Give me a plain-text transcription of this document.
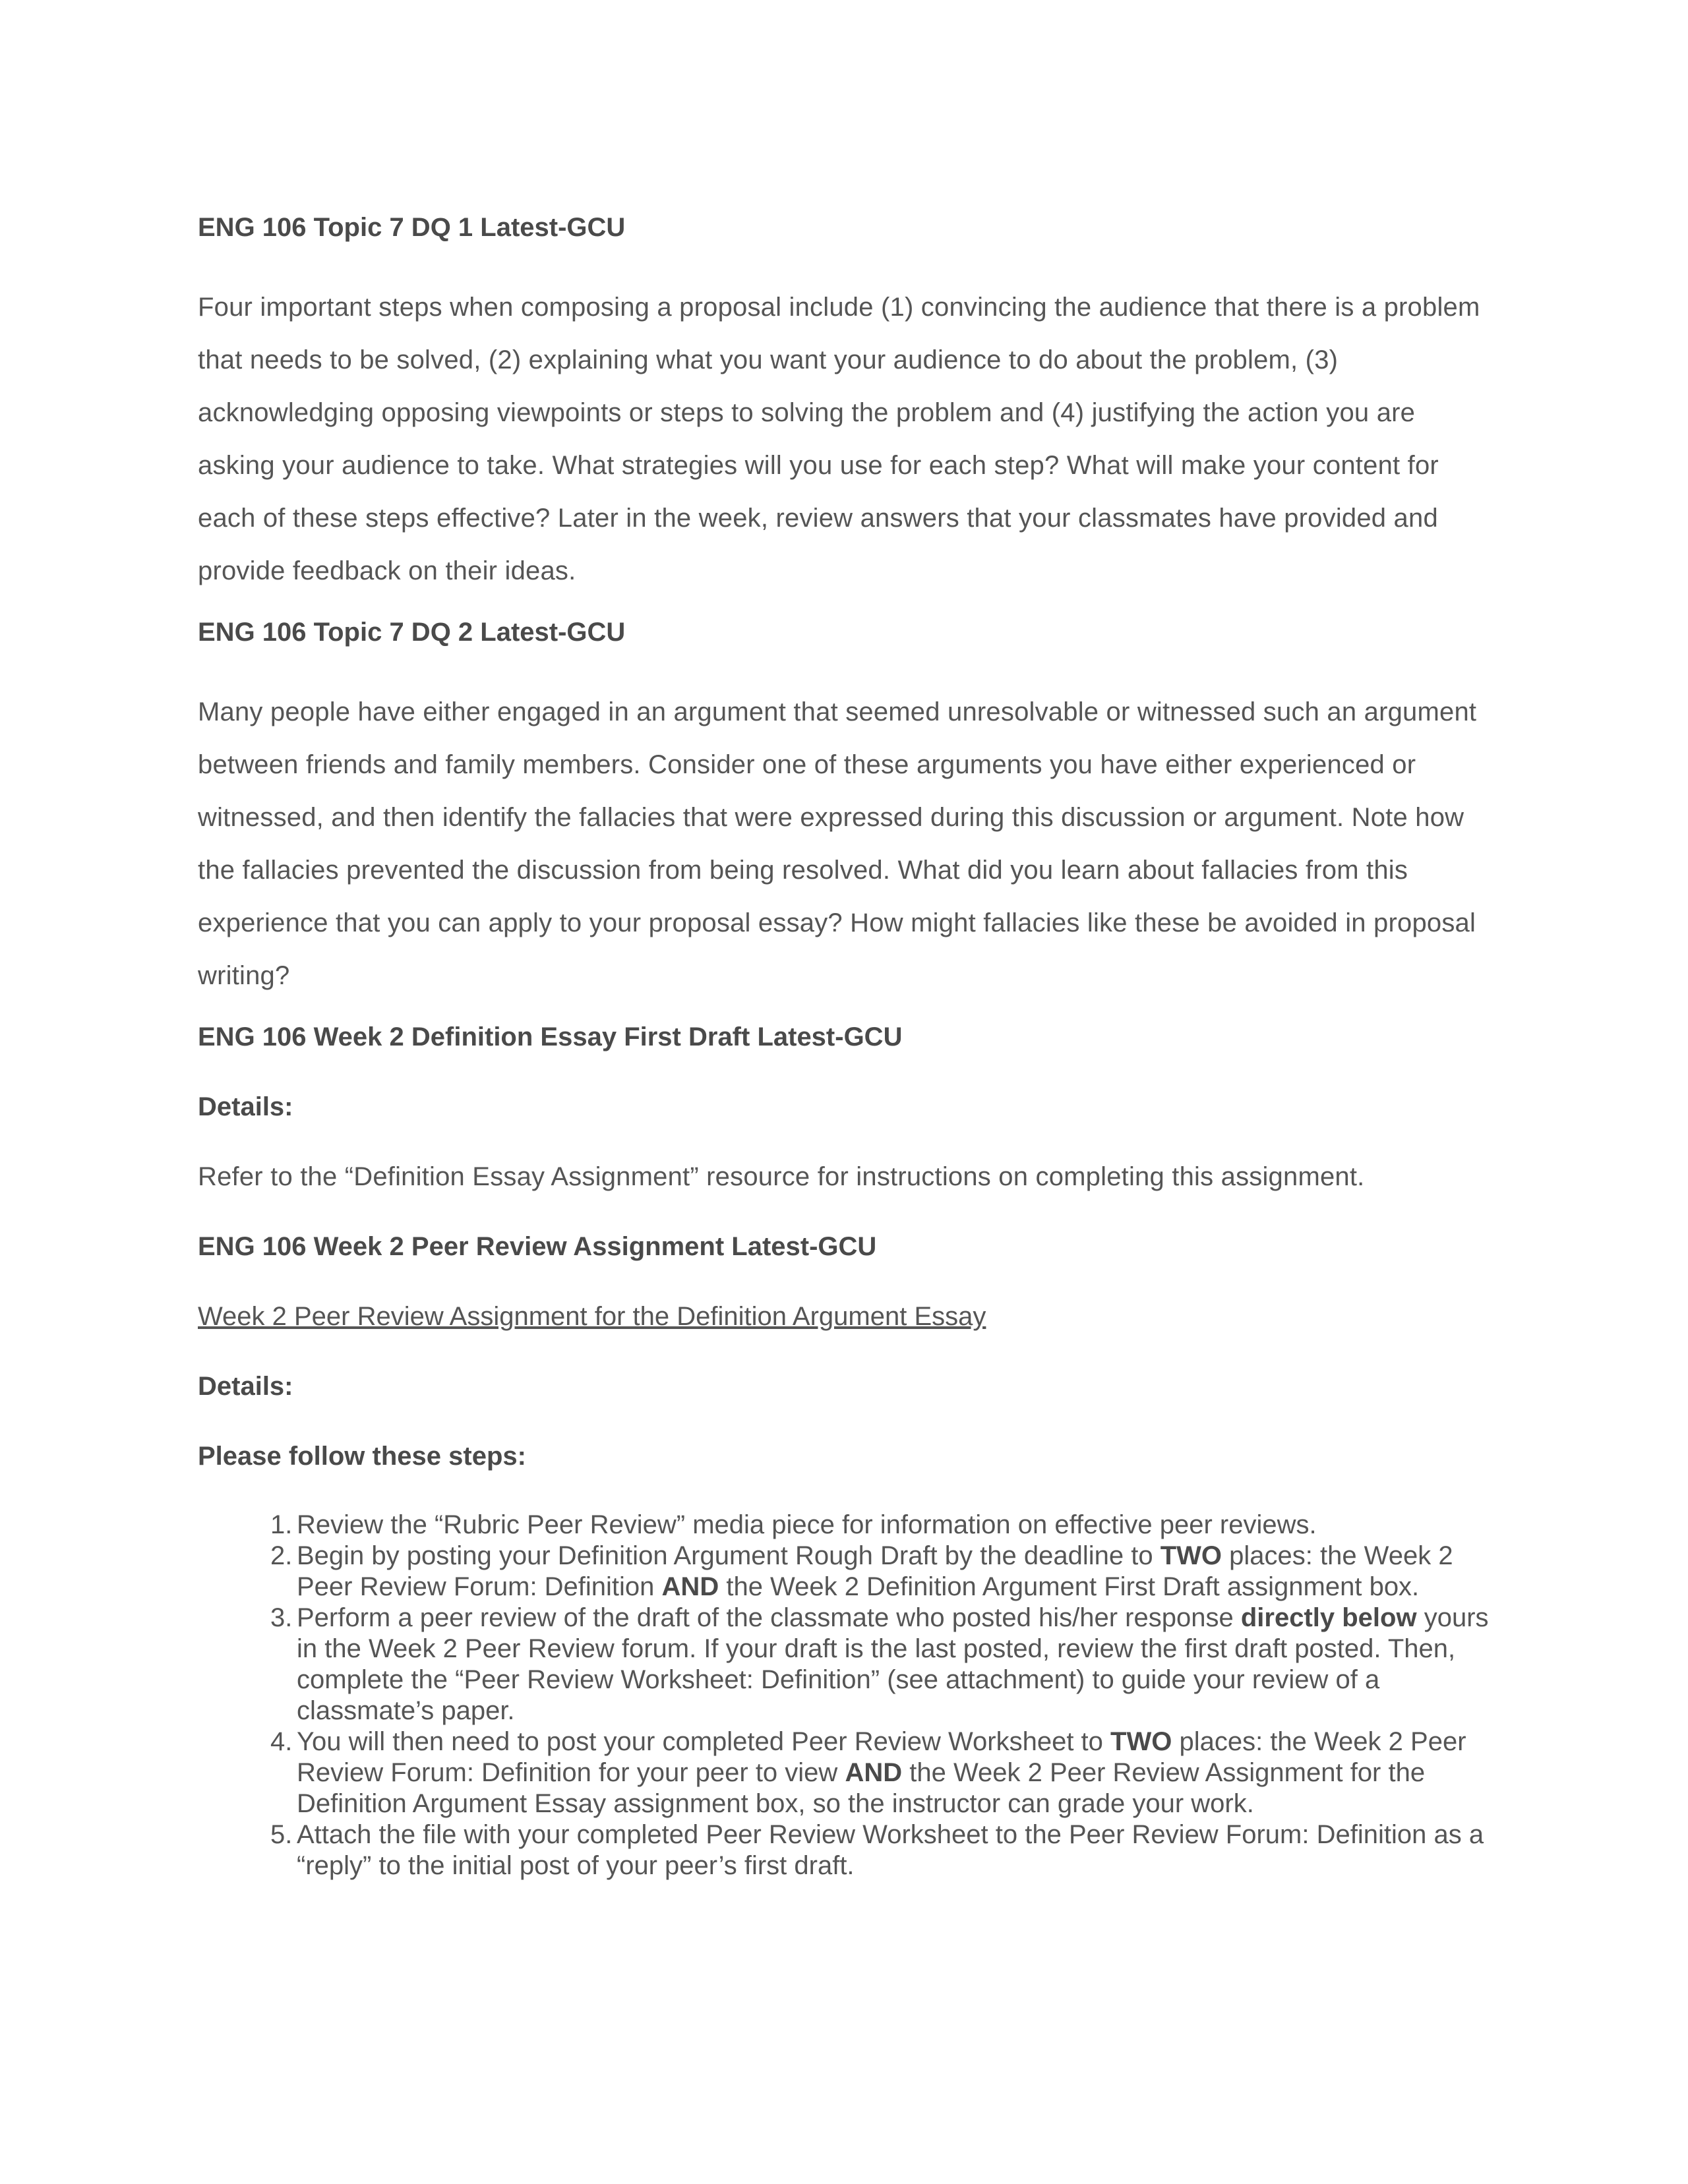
ENG 106 Topic 7 DQ 1 Latest-GCU

Four important steps when composing a proposal include (1) convincing the audience that there is a problem that needs to be solved, (2) explaining what you want your audience to do about the problem, (3) acknowledging opposing viewpoints or steps to solving the problem and (4) justifying the action you are asking your audience to take. What strategies will you use for each step? What will make your content for each of these steps effective? Later in the week, review answers that your classmates have provided and provide feedback on their ideas.

ENG 106 Topic 7 DQ 2 Latest-GCU

Many people have either engaged in an argument that seemed unresolvable or witnessed such an argument between friends and family members. Consider one of these arguments you have either experienced or witnessed, and then identify the fallacies that were expressed during this discussion or argument. Note how the fallacies prevented the discussion from being resolved. What did you learn about fallacies from this experience that you can apply to your proposal essay? How might fallacies like these be avoided in proposal writing?

ENG 106 Week 2 Definition Essay First Draft Latest-GCU
Details:

Refer to the “Definition Essay Assignment” resource for instructions on completing this assignment.

ENG 106 Week 2 Peer Review Assignment Latest-GCU
Week 2 Peer Review Assignment for the Definition Argument Essay
Details:
Please follow these steps:
1. Review the “Rubric Peer Review” media piece for information on effective peer reviews.
2. Begin by posting your Definition Argument Rough Draft by the deadline to TWO places: the Week 2 Peer Review Forum: Definition AND the Week 2 Definition Argument First Draft assignment box.
3. Perform a peer review of the draft of the classmate who posted his/her response directly below yours in the Week 2 Peer Review forum. If your draft is the last posted, review the first draft posted. Then, complete the “Peer Review Worksheet: Definition” (see attachment) to guide your review of a classmate’s paper.
4. You will then need to post your completed Peer Review Worksheet to TWO places: the Week 2 Peer Review Forum: Definition for your peer to view AND the Week 2 Peer Review Assignment for the Definition Argument Essay assignment box, so the instructor can grade your work.
5. Attach the file with your completed Peer Review Worksheet to the Peer Review Forum: Definition as a “reply” to the initial post of your peer’s first draft.
